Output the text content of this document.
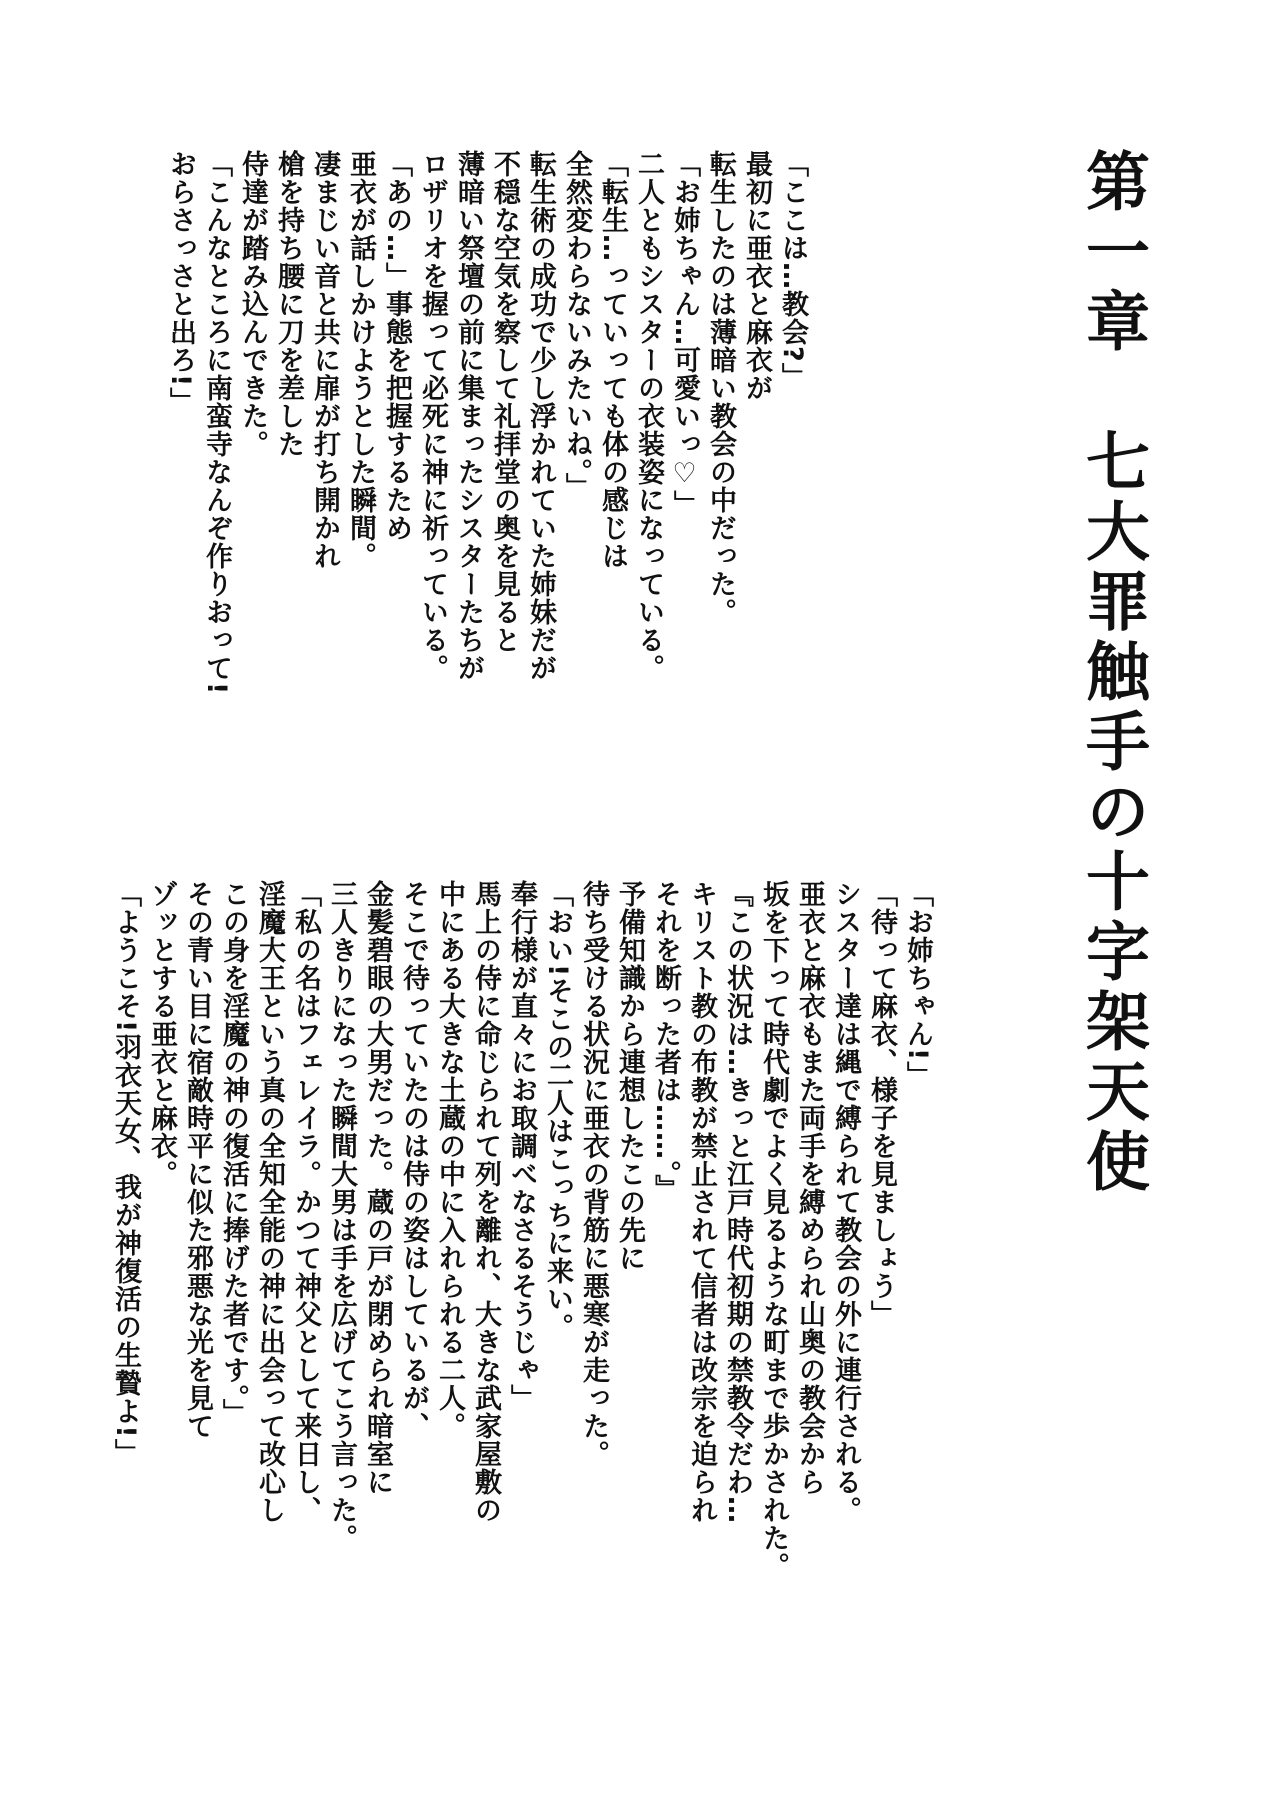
第一章　七大罪触手の十字架天使
「ここは…教会?」
最初に亜衣と麻衣が
転生したのは薄暗い教会の中だった。
「お姉ちゃん…可愛いっ♡」
二人ともシスターの衣装姿になっている。
「転生…っていっても体の感じは
全然変わらないみたいね。」
転生術の成功で少し浮かれていた姉妹だが
不穏な空気を察して礼拝堂の奥を見ると
薄暗い祭壇の前に集まったシスターたちが
ロザリオを握って必死に神に祈っている。
「あの…」事態を把握するため
亜衣が話しかけようとした瞬間。
凄まじい音と共に扉が打ち開かれ
槍を持ち腰に刀を差した
侍達が踏み込んできた。
「こんなところに南蛮寺なんぞ作りおって!
おらさっさと出ろ!」
「お姉ちゃん!」
「待って麻衣、様子を見ましょう」
シスター達は縄で縛られて教会の外に連行される。
亜衣と麻衣もまた両手を縛められ山奥の教会から
坂を下って時代劇でよく見るような町まで歩かされた。
『この状況は…きっと江戸時代初期の禁教令だわ…
キリスト教の布教が禁止されて信者は改宗を迫られ
それを断った者は……。』
予備知識から連想したこの先に
待ち受ける状況に亜衣の背筋に悪寒が走った。
「おい!そこの二人はこっちに来い。
奉行様が直々にお取調べなさるそうじゃ」
馬上の侍に命じられて列を離れ、大きな武家屋敷の
中にある大きな土蔵の中に入れられる二人。
そこで待っていたのは侍の姿はしているが、
金髪碧眼の大男だった。蔵の戸が閉められ暗室に
三人きりになった瞬間大男は手を広げてこう言った。
「私の名はフェレイラ。かつて神父として来日し、
淫魔大王という真の全知全能の神に出会って改心し
この身を淫魔の神の復活に捧げた者です。」
その青い目に宿敵時平に似た邪悪な光を見て
ゾッとする亜衣と麻衣。
「ようこそ!羽衣天女、我が神復活の生贄よ!」
